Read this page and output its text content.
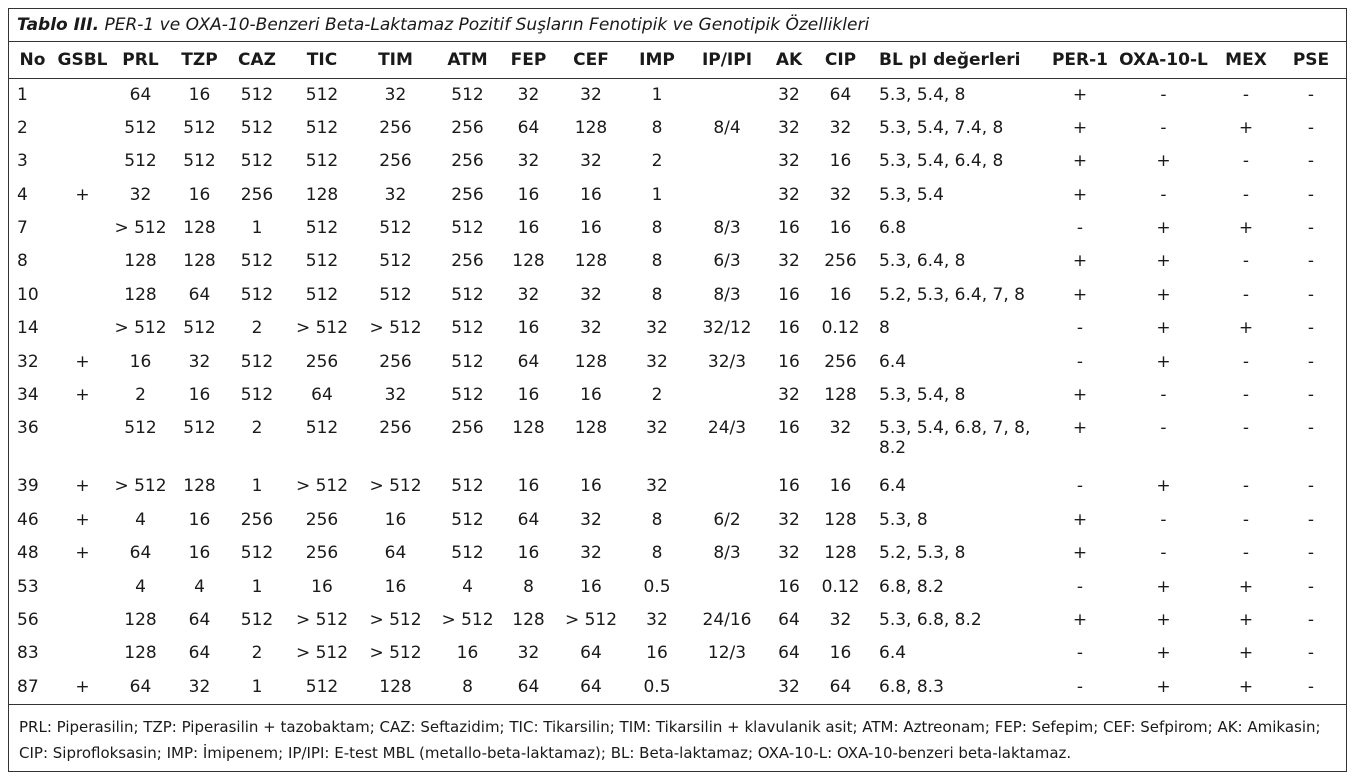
Tablo III. PER-1 ve OXA-10-Benzeri Beta-Laktamaz Pozitif Suşların Fenotipik ve Genotipik Özellikleri
No	GSBL	PRL	TZP	CAZ	TIC	TIM	ATM	FEP	CEF	IMP	IP/IPI	AK	CIP	BL pI değerleri	PER-1	OXA-10-L	MEX	PSE
1		64	16	512	512	32	512	32	32	1		32	64	5.3, 5.4, 8	+	-	-	-
2		512	512	512	512	256	256	64	128	8	8/4	32	32	5.3, 5.4, 7.4, 8	+	-	+	-
3		512	512	512	512	256	256	32	32	2		32	16	5.3, 5.4, 6.4, 8	+	+	-	-
4	+	32	16	256	128	32	256	16	16	1		32	32	5.3, 5.4	+	-	-	-
7		> 512	128	1	512	512	512	16	16	8	8/3	16	16	6.8	-	+	+	-
8		128	128	512	512	512	256	128	128	8	6/3	32	256	5.3, 6.4, 8	+	+	-	-
10		128	64	512	512	512	512	32	32	8	8/3	16	16	5.2, 5.3, 6.4, 7, 8	+	+	-	-
14		> 512	512	2	> 512	> 512	512	16	32	32	32/12	16	0.12	8	-	+	+	-
32	+	16	32	512	256	256	512	64	128	32	32/3	16	256	6.4	-	+	-	-
34	+	2	16	512	64	32	512	16	16	2		32	128	5.3, 5.4, 8	+	-	-	-
36		512	512	2	512	256	256	128	128	32	24/3	16	32	5.3, 5.4, 6.8, 7, 8, 8.2	+	-	-	-
39	+	> 512	128	1	> 512	> 512	512	16	16	32		16	16	6.4	-	+	-	-
46	+	4	16	256	256	16	512	64	32	8	6/2	32	128	5.3, 8	+	-	-	-
48	+	64	16	512	256	64	512	16	32	8	8/3	32	128	5.2, 5.3, 8	+	-	-	-
53		4	4	1	16	16	4	8	16	0.5		16	0.12	6.8, 8.2	-	+	+	-
56		128	64	512	> 512	> 512	> 512	128	> 512	32	24/16	64	32	5.3, 6.8, 8.2	+	+	+	-
83		128	64	2	> 512	> 512	16	32	64	16	12/3	64	16	6.4	-	+	+	-
87	+	64	32	1	512	128	8	64	64	0.5		32	64	6.8, 8.3	-	+	+	-
PRL: Piperasilin; TZP: Piperasilin + tazobaktam; CAZ: Seftazidim; TIC: Tikarsilin; TIM: Tikarsilin + klavulanik asit; ATM: Aztreonam; FEP: Sefepim; CEF: Sefpirom; AK: Amikasin; CIP: Siprofloksasin; IMP: İmipenem; IP/IPI: E-test MBL (metallo-beta-laktamaz); BL: Beta-laktamaz; OXA-10-L: OXA-10-benzeri beta-laktamaz.
